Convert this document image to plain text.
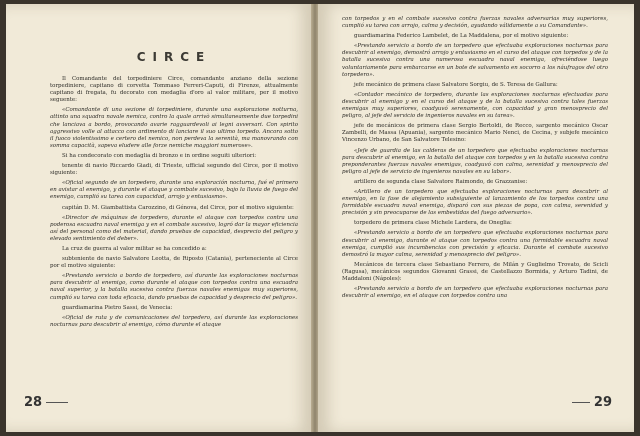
CIRCE

Il Comandante del torpediniere Circe, comandante anziano della sezione torpediniere, capitano di corvetta Tommaso Ferreri-Caputi, di Firenze, attualmente capitano di fregata, fu decorato con medaglia d'oro al valor militare, per il motivo seguente:

«Comandante di una sezione di torpediniere, durante una esplorazione notturna, attinto una squadra navale nemica, contro la quale arrivò simultaneamente due torpedini che lanciava a bordo, provocando avarie ragguardevoli ai legni avversari. Con spirito aggressivo volle al attacco con ardimento di lanciare il suo ultimo torpedo. Ancora sotto il fuoco violentissimo e certero del nemico, non perdeva la serenità, ma manovrando con somma capacità, sapeva eludere alle forze nemiche maggiori numerose».

Si ha condecorato con medaglia di bronzo e in ordine seguiti ulteriori:

tenente di navio Riccardo Giadi, di Trieste, ufficial segundo del Circe, por il motivo siguiente:

«Oficial segundo de un torpedero, durante una exploración nocturna, fué el primero en avistar al enemigo, y durante el ataque y combate sucesivo, bajo la lluvia de fuego del enemigo, cumplió su tarea con capacidad, arrojo y entusiasmo».

capitán D. M. Giambattista Carozzino, di Génova, del Circe, por el motivo siguiente:

«Director de máquinas de torpedero, durante el ataque con torpedos contra una poderosa escuadra naval enemiga y en el combate sucesivo, logró dar la mayor eficiencia así del personal como del material, dando pruebas de capacidad, desprecio del peligro y elevado sentimiento del deber».

La cruz de guerra al valor militar se ha concedido a:

subteniente de navio Salvatore Leotta, de Riposto (Catania), perteneciente al Circe por el motivo siguiente:

«Prestando servicio a bordo de torpedero, así durante las exploraciones nocturnas para descubrir al enemigo, como durante el ataque con torpedos contra una escuadra naval superior, y la batalla sucesiva contra fuerzas navales enemigas muy superiores, cumplió su tarea con toda eficacia, dando pruebas de capacidad y desprecio del peligro».

guardiamarina Pietro Sassi, de Venecia:

«Oficial de ruta y de comunicaciones del torpedero, así durante las exploraciones nocturnas para descubrir al enemigo, cómo durante el ataque

28

con torpedos y en el combate sucesivo contra fuerzas navales adversarias muy superiores, cumplió su tarea con arrojo, calma y decisión, ayudando válidamente a su Comandante».

guardiamarina Federico Lambelet, de La Maddalena, por el motivo siguiente:

«Prestando servicio a bordo de un torpedero que efectuaba exploraciones nocturnas para descubrir al enemigo, demostró arrojo y entusiasmo en el curso del ataque con torpedos y de la batalla sucesiva contra una numerosa escuadra naval enemiga, ofreciéndose luego voluntariamente para embarcarse en un bote de salvamento en socorro a los náufragos del otro torpedero».

jefe mecánico de primera clase Salvatore Sorgiu, de S. Teresa de Gallura:

«Contador mecánico de torpedero, durante las exploraciones nocturnas efectuadas para descubrir al enemigo y en el curso del ataque y de la batalla sucesiva contra tales fuerzas enemigas muy superiores, coadyuvó serenamente, con capacidad y gran menosprecio del peligro, al jefe del servicio de ingenieros navales en su tarea».

jefe de mecánicos de primera clase Sergio Bertoldi, de Recco, sargento mecánico Oscar Zambelli, de Massa (Apuania), sargento mecánico Mario Nenci, de Cecina, y subjefe mecánico Vincenzo Urbano, de San Salvatore Telesino:

«Jefe de guardia de las calderas de un torpedero que efectuaba exploraciones nocturnas para descubrir al enemigo, en la batalla del ataque con torpedos y en la batalla sucesiva contra preponderantes fuerzas navales enemigas, coadyuvó con calma, serenidad y menosprecio del peligro al jefe de servicio de ingenieros navales en su labor».

artillero de segunda clase Salvatore Raimondo, de Grazzanise:

«Artillero de un torpedero que efectuaba exploraciones nocturnas para descubrir al enemigo, en la fase de alejamiento subsiguiente al lanzamiento de los torpedos contra una formidable escuadra naval enemiga, disparó con sus piezas de popa, con calma, serenidad y precisión y sin preocuparse de las embestidas del fuego adversario».

torpedero de primera clase Michele Lardera, de Oneglia:

«Prestando servicio a bordo de un torpedero que efectuaba exploraciones nocturnas para descubrir al enemigo, durante el ataque con torpedos contra una formidable escuadra naval enemiga, cumplió sus incumbencias con precisión y eficacia. Durante el combate sucesivo demostró la mayor calma, serenidad y menosprecio del peligro».

Mecánicos de tercera clase Sebastiano Ferrero, de Milán y Guglielmo Trovato, de Scicli (Ragusa), mecánicos segundos Giovanni Grassi, de Castellazzo Bormida, y Arturo Tadini, de Maddaloni (Nápoles):

«Prestando servicio a bordo de un torpedero que efectuaba exploraciones nocturnas para descubrir al enemigo, en el ataque con torpedos contra una

29
